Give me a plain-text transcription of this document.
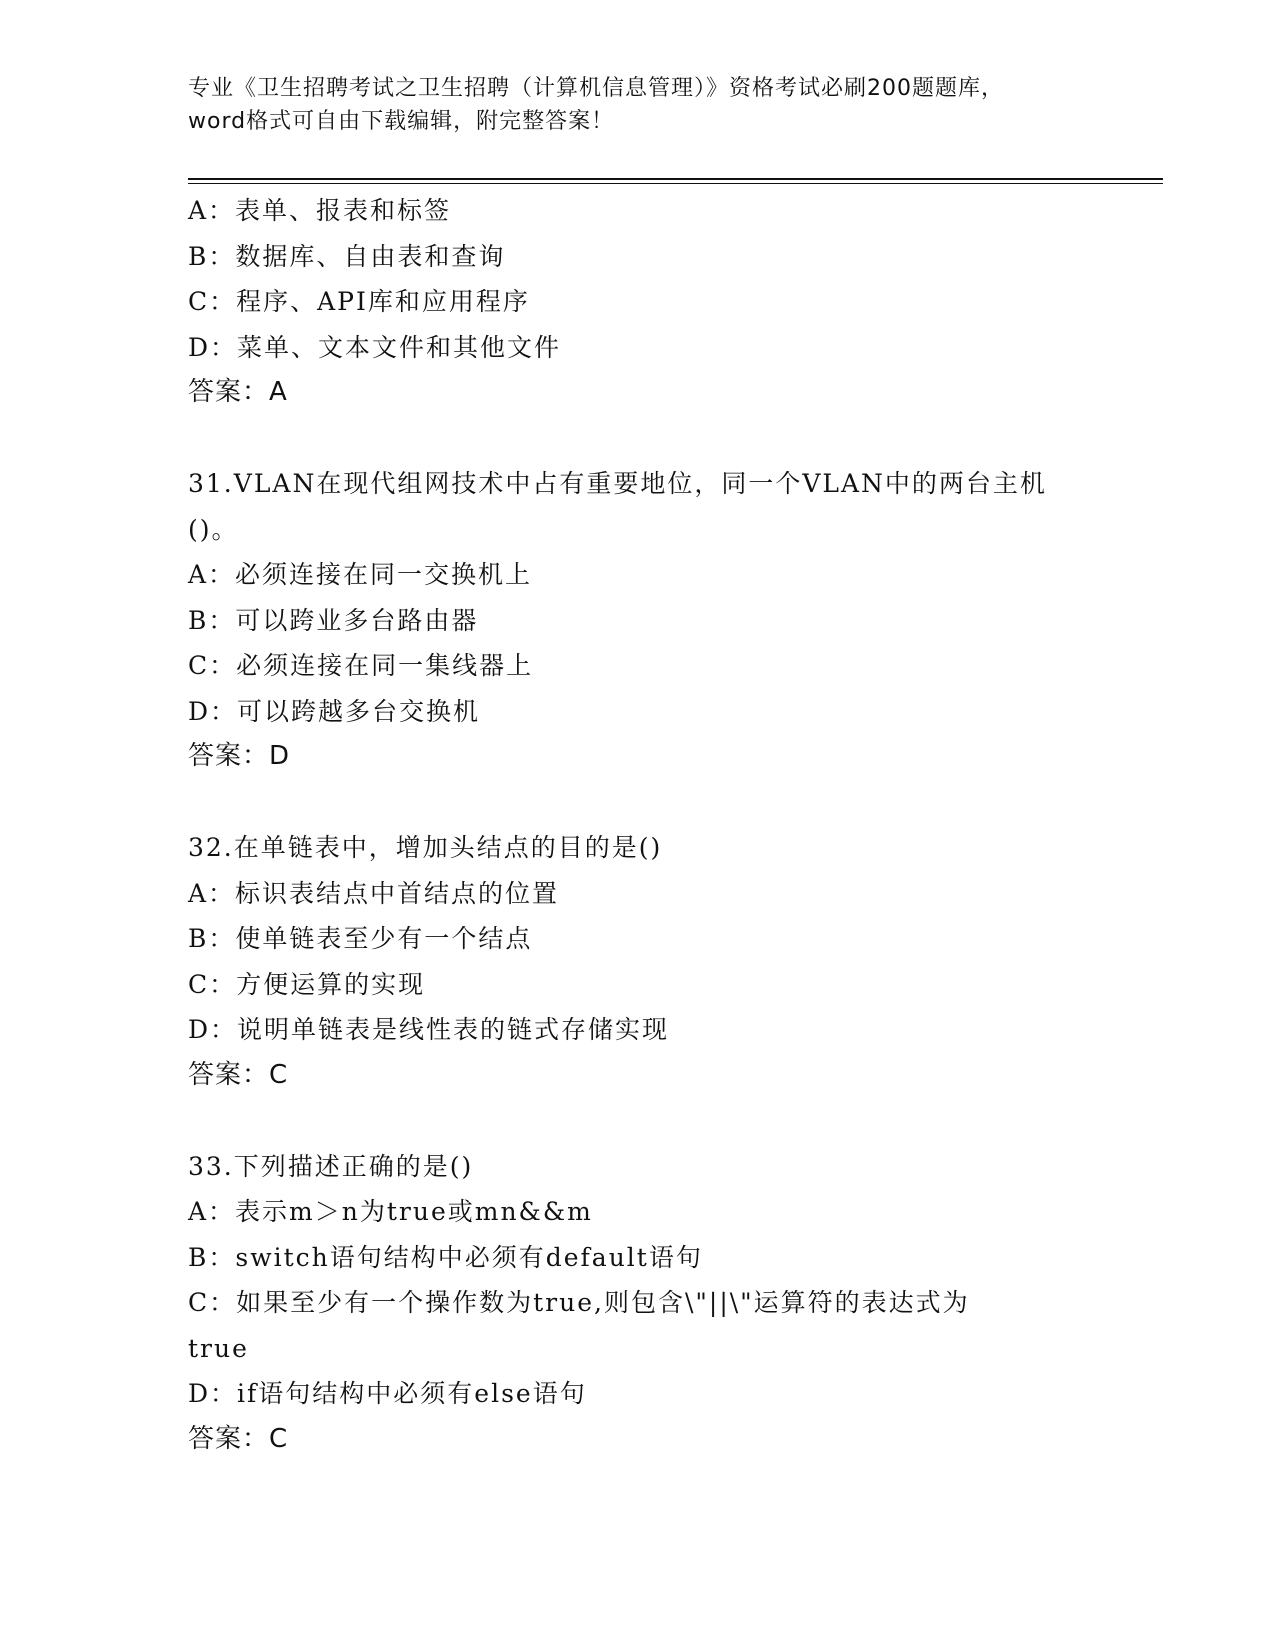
专业《卫生招聘考试之卫生招聘（计算机信息管理）》资格考试必刷200题题库，

word格式可自由下载编辑，附完整答案！

A：表单、报表和标签

B：数据库、自由表和查询

C：程序、API库和应用程序

D：菜单、文本文件和其他文件

答案：A

31.VLAN在现代组网技术中占有重要地位，同一个VLAN中的两台主机

()。

A：必须连接在同一交换机上

B：可以跨业多台路由器

C：必须连接在同一集线器上

D：可以跨越多台交换机

答案：D

32.在单链表中，增加头结点的目的是()

A：标识表结点中首结点的位置

B：使单链表至少有一个结点

C：方便运算的实现

D：说明单链表是线性表的链式存储实现

答案：C

33.下列描述正确的是()

A：表示m＞n为true或mn&&m

B：switch语句结构中必须有default语句

C：如果至少有一个操作数为true,则包含\"||\"运算符的表达式为

true

D：if语句结构中必须有else语句

答案：C
